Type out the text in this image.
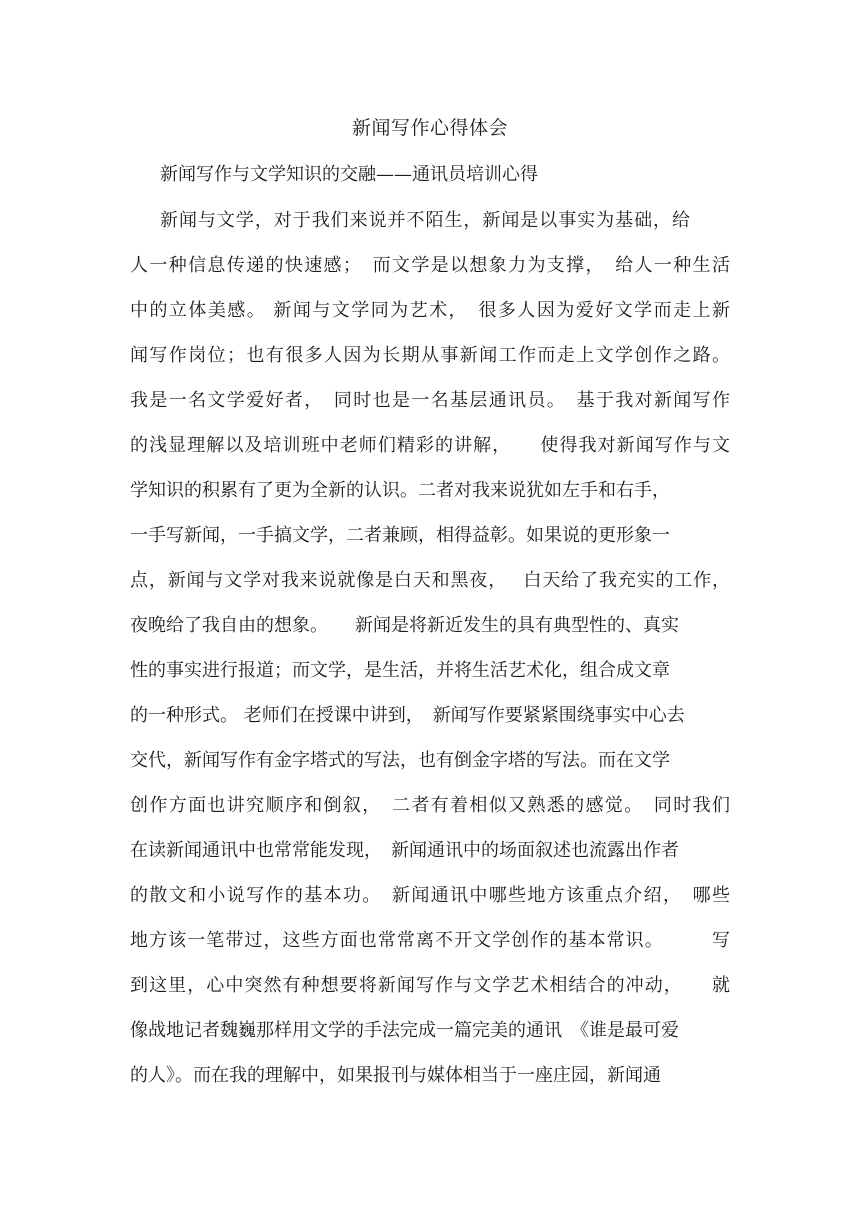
新闻写作心得体会
新闻写作与文学知识的交融——通讯员培训心得
新闻与文学，对于我们来说并不陌生，新闻是以事实为基础，给
人一种信息传递的快速感；　而文学是以想象力为支撑，　给人一种生活
中的立体美感。 新闻与文学同为艺术，　很多人因为爱好文学而走上新
闻写作岗位；也有很多人因为长期从事新闻工作而走上文学创作之路。
我是一名文学爱好者，　同时也是一名基层通讯员。　基于我对新闻写作
的浅显理解以及培训班中老师们精彩的讲解，　　使得我对新闻写作与文
学知识的积累有了更为全新的认识。二者对我来说犹如左手和右手，
一手写新闻，一手搞文学，二者兼顾，相得益彰。如果说的更形象一
点，新闻与文学对我来说就像是白天和黑夜，　 白天给了我充实的工作，
夜晚给了我自由的想象。　　新闻是将新近发生的具有典型性的、真实
性的事实进行报道；而文学，是生活，并将生活艺术化，组合成文章
的一种形式。 老师们在授课中讲到，　新闻写作要紧紧围绕事实中心去
交代，新闻写作有金字塔式的写法，也有倒金字塔的写法。而在文学
创作方面也讲究顺序和倒叙，　二者有着相似又熟悉的感觉。　同时我们
在读新闻通讯中也常常能发现，　新闻通讯中的场面叙述也流露出作者
的散文和小说写作的基本功。　新闻通讯中哪些地方该重点介绍，　哪些
地方该一笔带过，这些方面也常常离不开文学创作的基本常识。　　　写
到这里，心中突然有种想要将新闻写作与文学艺术相结合的冲动，　　就
像战地记者魏巍那样用文学的手法完成一篇完美的通讯　《谁是最可爱
的人》。而在我的理解中，如果报刊与媒体相当于一座庄园，新闻通
